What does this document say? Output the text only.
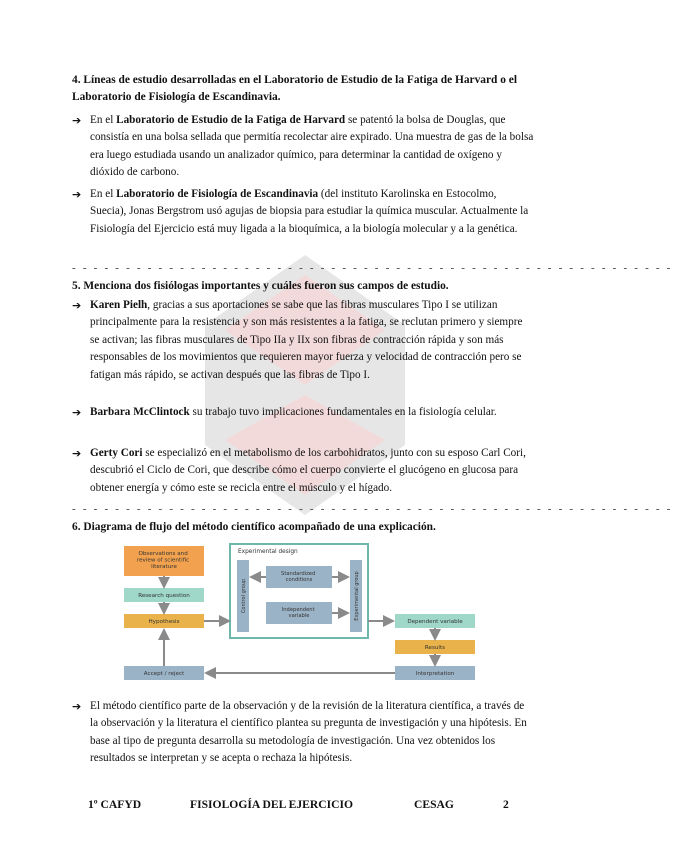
4. Líneas de estudio desarrolladas en el Laboratorio de Estudio de la Fatiga de Harvard o el Laboratorio de Fisiología de Escandinavia.
➔ En el Laboratorio de Estudio de la Fatiga de Harvard se patentó la bolsa de Douglas, que consistía en una bolsa sellada que permitía recolectar aire expirado. Una muestra de gas de la bolsa era luego estudiada usando un analizador químico, para determinar la cantidad de oxígeno y dióxido de carbono.
➔ En el Laboratorio de Fisiología de Escandinavia (del instituto Karolinska en Estocolmo, Suecia), Jonas Bergstrom usó agujas de biopsia para estudiar la química muscular. Actualmente la Fisiología del Ejercicio está muy ligada a la bioquímica, a la biología molecular y a la genética.
- - - - - - - - - - - - - - - - - - - - - - - - - - - - - - - - - - - - - - - - - - - - - - - - - - - - - - - -
5. Menciona dos fisiólogas importantes y cuáles fueron sus campos de estudio.
➔ Karen Pielh, gracias a sus aportaciones se sabe que las fibras musculares Tipo I se utilizan principalmente para la resistencia y son más resistentes a la fatiga, se reclutan primero y siempre se activan; las fibras musculares de Tipo IIa y IIx son fibras de contracción rápida y son más responsables de los movimientos que requieren mayor fuerza y velocidad de contracción pero se fatigan más rápido, se activan después que las fibras de Tipo I.
➔ Barbara McClintock su trabajo tuvo implicaciones fundamentales en la fisiología celular.
➔ Gerty Cori se especializó en el metabolismo de los carbohidratos, junto con su esposo Carl Cori, descubrió el Ciclo de Cori, que describe cómo el cuerpo convierte el glucógeno en glucosa para obtener energía y cómo este se recicla entre el músculo y el hígado.
- - - - - - - - - - - - - - - - - - - - - - - - - - - - - - - - - - - - - - - - - - - - - - - - - - - - - - - -
6. Diagrama de flujo del método científico acompañado de una explicación.
Observations and review of scientific literature
Research question
Hypothesis
Experimental design
Control group	Experimental group
Standardized conditions
Independent variable
Dependent variable
Results
Interpretation
Accept / reject
➔ El método científico parte de la observación y de la revisión de la literatura científica, a través de la observación y la literatura el científico plantea su pregunta de investigación y una hipótesis. En base al tipo de pregunta desarrolla su metodología de investigación. Una vez obtenidos los resultados se interpretan y se acepta o rechaza la hipótesis.
1º CAFYD	FISIOLOGÍA DEL EJERCICIO	CESAG	2
